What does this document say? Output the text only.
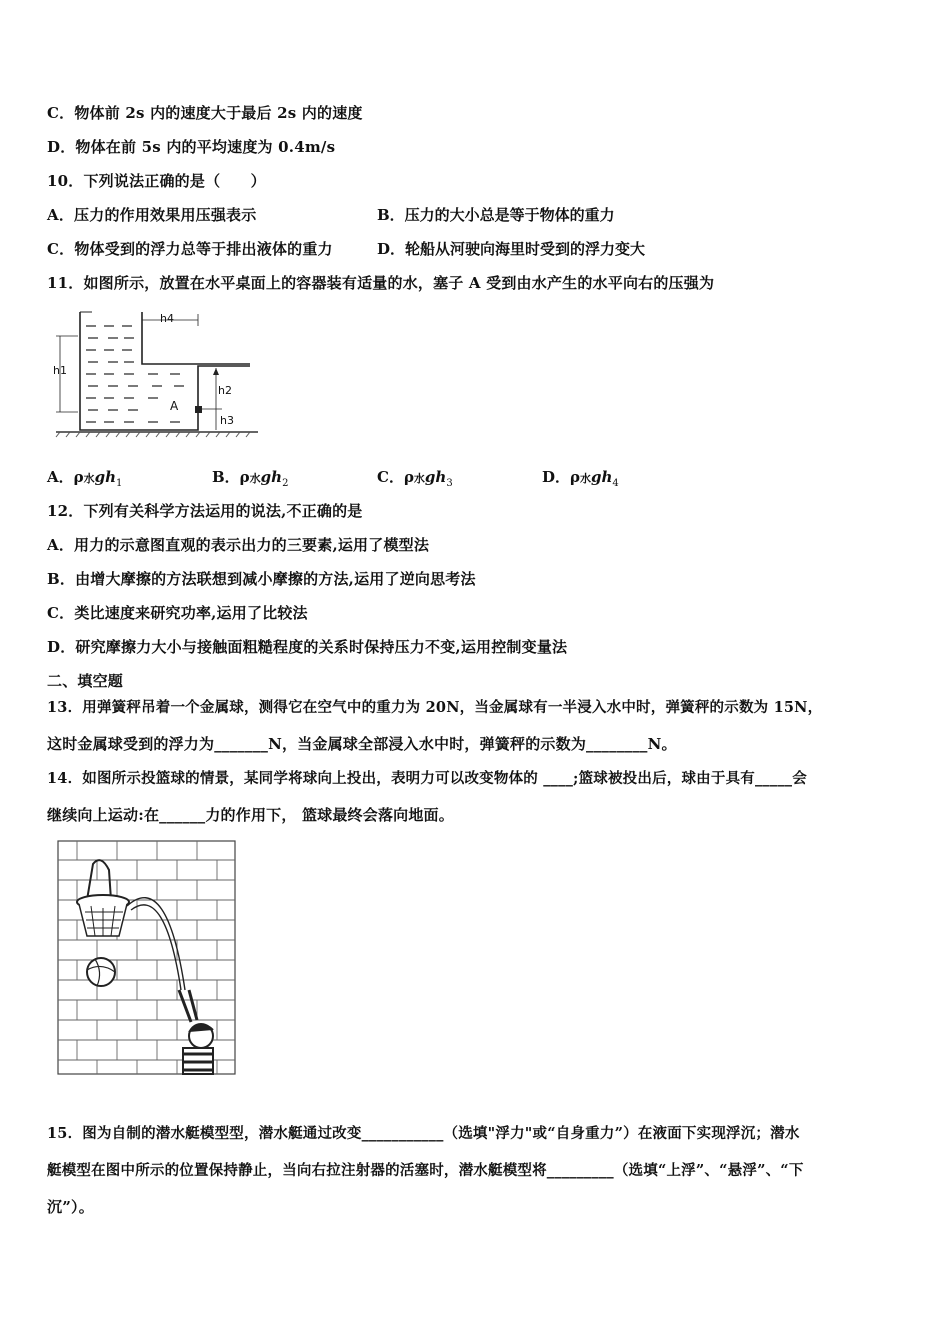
C．物体前 2s 内的速度大于最后 2s 内的速度
D．物体在前 5s 内的平均速度为 0.4m/s
10．下列说法正确的是（　　）
A．压力的作用效果用压强表示	B．压力的大小总是等于物体的重力
C．物体受到的浮力总等于排出液体的重力	D．轮船从河驶向海里时受到的浮力变大
11．如图所示，放置在水平桌面上的容器装有适量的水，塞子 A 受到由水产生的水平向右的压强为
h4
h1
h2
h3
A
A．ρ水$gh_1$	B．ρ水$gh_2$	C．ρ水$gh_3$	D．ρ水$gh_4$
12．下列有关科学方法运用的说法,不正确的是
A．用力的示意图直观的表示出力的三要素,运用了模型法
B．由增大摩擦的方法联想到减小摩擦的方法,运用了逆向思考法
C．类比速度来研究功率,运用了比较法
D．研究摩擦力大小与接触面粗糙程度的关系时保持压力不变,运用控制变量法
二、填空题
13．用弹簧秤吊着一个金属球，测得它在空气中的重力为 20N，当金属球有一半浸入水中时，弹簧秤的示数为 15N，
这时金属球受到的浮力为_______N，当金属球全部浸入水中时，弹簧秤的示数为________N。
14．如图所示投篮球的情景，某同学将球向上投出，表明力可以改变物体的 ____;篮球被投出后，球由于具有_____会
继续向上运动:在______力的作用下， 篮球最终会落向地面。
15．图为自制的潜水艇模型型，潜水艇通过改变___________（选填"浮力"或“自身重力”）在液面下实现浮沉；潜水
艇模型在图中所示的位置保持静止，当向右拉注射器的活塞时，潜水艇模型将_________（选填“上浮”、“悬浮”、“下
沉”）。
